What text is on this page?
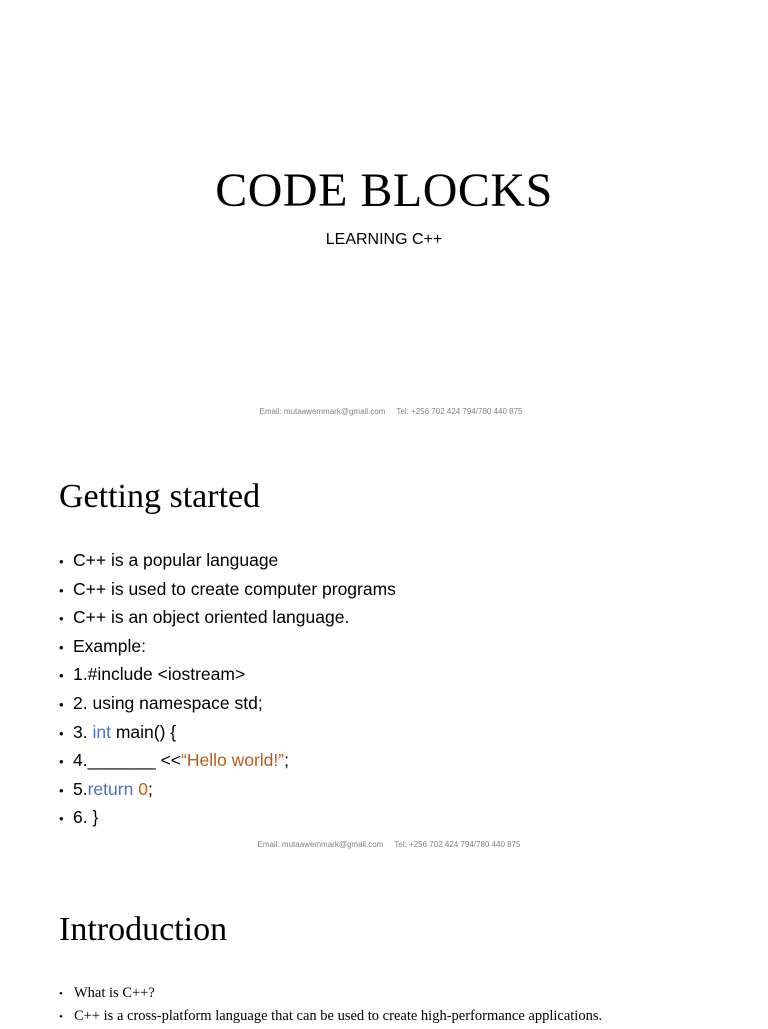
CODE BLOCKS
LEARNING C++
Email: mutaawemmark@gmail.com     Tel: +256 702 424 794/780 440 875
Getting started
• C++ is a popular language
• C++ is used to create computer programs
• C++ is an object oriented language.
• Example:
• 1.#include <iostream>
• 2. using namespace std;
• 3. int main() {
• 4._______ <<“Hello world!”;
• 5.return 0;
• 6. }
Email: mutaawemmark@gmail.com     Tel: +256 702 424 794/780 440 875
Introduction
• What is C++?
• C++ is a cross-platform language that can be used to create high-performance applications.
